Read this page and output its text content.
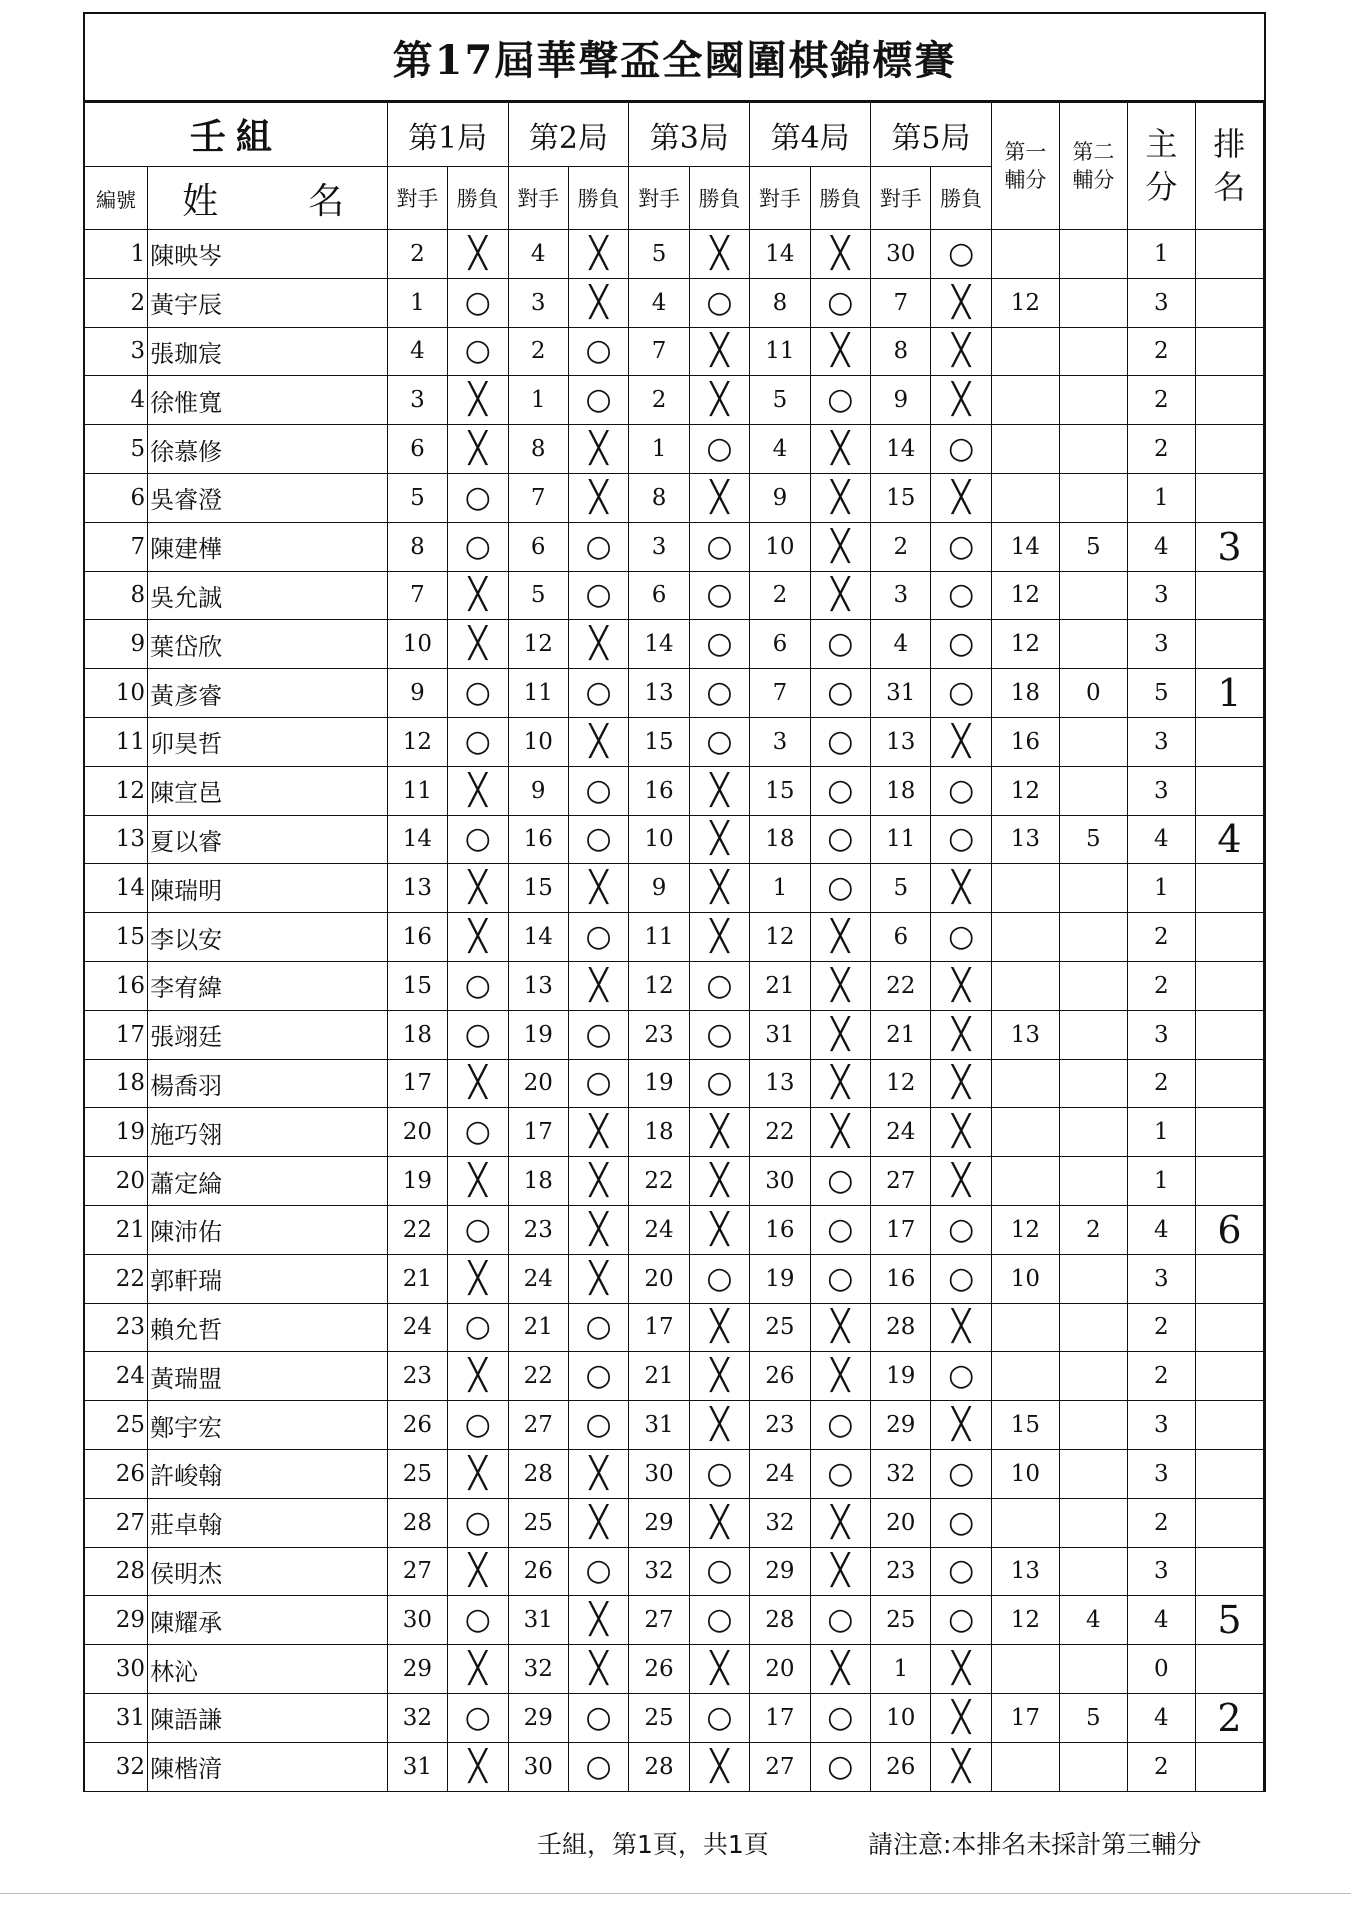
第17屆華聲盃全國圍棋錦標賽
壬組		第1局		第2局		第3局		第4局		第5局		第一輔分	第二輔分	主分	排名
編號	姓 名	對手	勝負	對手	勝負	對手	勝負	對手	勝負	對手	勝負				
1	陳映岑	2	╳	4	╳	5	╳	14	╳	30	○			1	
2	黃宇辰	1	○	3	╳	4	○	8	○	7	╳	12		3	
3	張珈宸	4	○	2	○	7	╳	11	╳	8	╳			2	
4	徐惟寬	3	╳	1	○	2	╳	5	○	9	╳			2	
5	徐慕修	6	╳	8	╳	1	○	4	╳	14	○			2	
6	吳睿澄	5	○	7	╳	8	╳	9	╳	15	╳			1	
7	陳建樺	8	○	6	○	3	○	10	╳	2	○	14	5	4	3
8	吳允誠	7	╳	5	○	6	○	2	╳	3	○	12		3	
9	葉岱欣	10	╳	12	╳	14	○	6	○	4	○	12		3	
10	黃彥睿	9	○	11	○	13	○	7	○	31	○	18	0	5	1
11	卯昊哲	12	○	10	╳	15	○	3	○	13	╳	16		3	
12	陳宣邑	11	╳	9	○	16	╳	15	○	18	○	12		3	
13	夏以睿	14	○	16	○	10	╳	18	○	11	○	13	5	4	4
14	陳瑞明	13	╳	15	╳	9	╳	1	○	5	╳			1	
15	李以安	16	╳	14	○	11	╳	12	╳	6	○			2	
16	李宥緯	15	○	13	╳	12	○	21	╳	22	╳			2	
17	張翊廷	18	○	19	○	23	○	31	╳	21	╳	13		3	
18	楊喬羽	17	╳	20	○	19	○	13	╳	12	╳			2	
19	施巧翎	20	○	17	╳	18	╳	22	╳	24	╳			1	
20	蕭定綸	19	╳	18	╳	22	╳	30	○	27	╳			1	
21	陳沛佑	22	○	23	╳	24	╳	16	○	17	○	12	2	4	6
22	郭軒瑞	21	╳	24	╳	20	○	19	○	16	○	10		3	
23	賴允哲	24	○	21	○	17	╳	25	╳	28	╳			2	
24	黃瑞盟	23	╳	22	○	21	╳	26	╳	19	○			2	
25	鄭宇宏	26	○	27	○	31	╳	23	○	29	╳	15		3	
26	許峻翰	25	╳	28	╳	30	○	24	○	32	○	10		3	
27	莊卓翰	28	○	25	╳	29	╳	32	╳	20	○			2	
28	侯明杰	27	╳	26	○	32	○	29	╳	23	○	13		3	
29	陳耀承	30	○	31	╳	27	○	28	○	25	○	12	4	4	5
30	林沁	29	╳	32	╳	26	╳	20	╳	1	╳			0	
31	陳語謙	32	○	29	○	25	○	17	○	10	╳	17	5	4	2
32	陳楷湇	31	╳	30	○	28	╳	27	○	26	╳			2	
壬組，第1頁，共1頁	請注意:本排名未採計第三輔分
